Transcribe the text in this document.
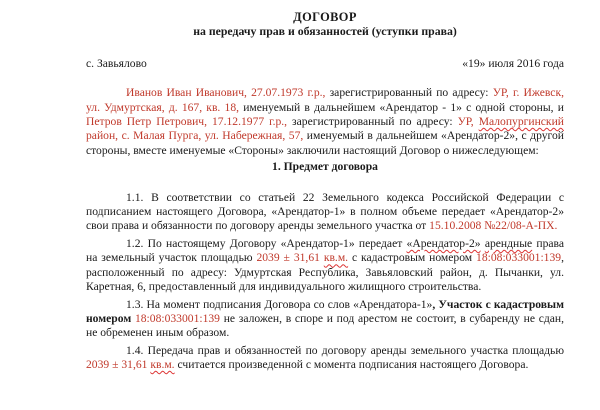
ДОГОВОР
на передачу прав и обязанностей (уступки права)
с. Завьялово	«19» июля 2016 года

Иванов Иван Иванович, 27.07.1973 г.р., зарегистрированный по адресу: УР, г. Ижевск, ул. Удмуртская, д. 167, кв. 18, именуемый в дальнейшем «Арендатор - 1» с одной стороны, и Петров Петр Петрович, 17.12.1977 г.р., зарегистрированный по адресу: УР, Малопургинский район, с. Малая Пурга, ул. Набережная, 57, именуемый в дальнейшем «Арендатор-2», с другой стороны, вместе именуемые «Стороны» заключили настоящий Договор о нижеследующем:

1. Предмет договора

1.1. В соответствии со статьей 22 Земельного кодекса Российской Федерации с подписанием настоящего Договора, «Арендатор-1» в полном объеме передает «Арендатор-2» свои права и обязанности по договору аренды земельного участка от 15.10.2008 №22/08-А-ПХ.

1.2. По настоящему Договору «Арендатор-1» передает «Арендатор-2» арендные права на земельный участок площадью 2039 ± 31,61 кв.м. с кадастровым номером 18:08:033001:139, расположенный по адресу: Удмуртская Республика, Завьяловский район, д. Пычанки, ул. Каретная, 6, предоставленный для индивидуального жилищного строительства.

1.3. На момент подписания Договора со слов «Арендатора-1», Участок с кадастровым номером 18:08:033001:139 не заложен, в споре и под арестом не состоит, в субаренду не сдан, не обременен иным образом.

1.4. Передача прав и обязанностей по договору аренды земельного участка площадью 2039 ± 31,61 кв.м. считается произведенной с момента подписания настоящего Договора.
